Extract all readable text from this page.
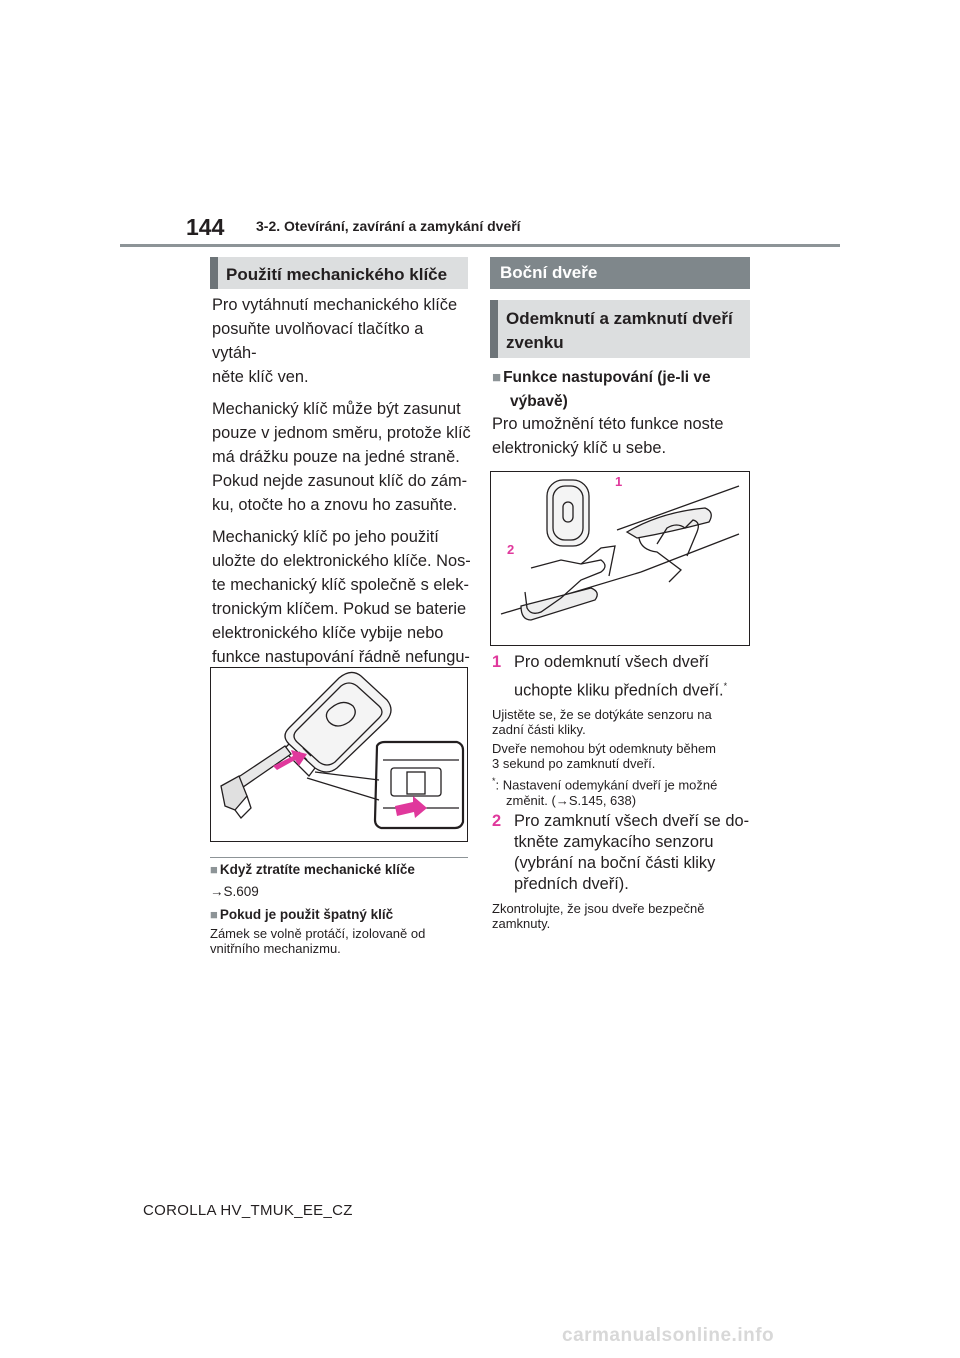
144 3-2. Otevírání, zavírání a zamykání dveří
Použití mechanického klíče

Pro vytáhnutí mechanického klíče
posuňte uvolňovací tlačítko a vytáh-
něte klíč ven.

Mechanický klíč může být zasunut
pouze v jednom směru, protože klíč
má drážku pouze na jedné straně.
Pokud nejde zasunout klíč do zám-
ku, otočte ho a znovu ho zasuňte.

Mechanický klíč po jeho použití
uložte do elektronického klíče. Nos-
te mechanický klíč společně s elek-
tronickým klíčem. Pokud se baterie
elektronického klíče vybije nebo
funkce nastupování řádně nefungu-

■ Když ztratíte mechanické klíče
→S.609
■ Pokud je použit špatný klíč

Zámek se volně protáčí, izolovaně od
vnitřního mechanizmu.

Boční dveře
Odemknutí a zamknutí dveří
zvenku
■ Funkce nastupování (je-li ve
výbavě)

Pro umožnění této funkce noste
elektronický klíč u sebe.

1
2
1 Pro odemknutí všech dveří
uchopte kliku předních dveří.*

Ujistěte se, že se dotýkáte senzoru na
zadní části kliky.

Dveře nemohou být odemknuty během
3 sekund po zamknutí dveří.

*: Nastavení odemykání dveří je možné
změnit. (→S.145, 638)

2 Pro zamknutí všech dveří se do-
tkněte zamykacího senzoru
(vybrání na boční části kliky
předních dveří).

Zkontrolujte, že jsou dveře bezpečně
zamknuty.

COROLLA HV_TMUK_EE_CZ
carmanualsonline.info
